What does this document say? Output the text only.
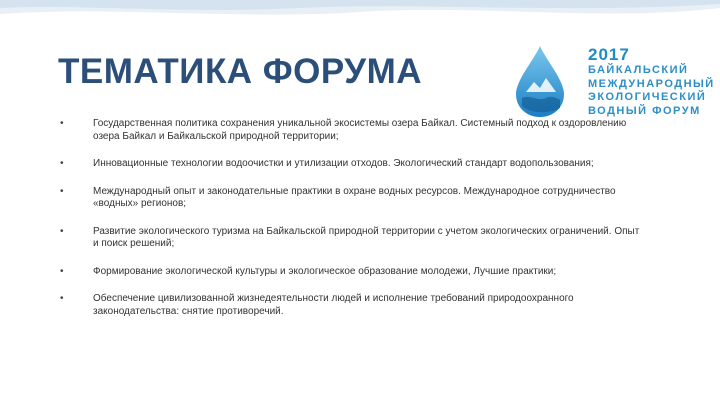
ТЕМАТИКА ФОРУМА	2017
БАЙКАЛЬСКИЙ
МЕЖДУНАРОДНЫЙ
ЭКОЛОГИЧЕСКИЙ
ВОДНЫЙ ФОРУМ
•	Государственная политика сохранения уникальной экосистемы озера Байкал. Системный подход к оздоровлению озера Байкал и Байкальской природной территории;
•	Инновационные технологии водоочистки и утилизации отходов. Экологический стандарт водопользования;
•	Международный опыт и законодательные практики в охране водных ресурсов. Международное сотрудничество «водных» регионов;
•	Развитие экологического туризма на Байкальской природной территории с учетом экологических ограничений. Опыт и поиск решений;
•	Формирование экологической культуры и экологическое образование молодежи, Лучшие практики;
•	Обеспечение цивилизованной жизнедеятельности людей и исполнение требований природоохранного законодательства: снятие противоречий.
